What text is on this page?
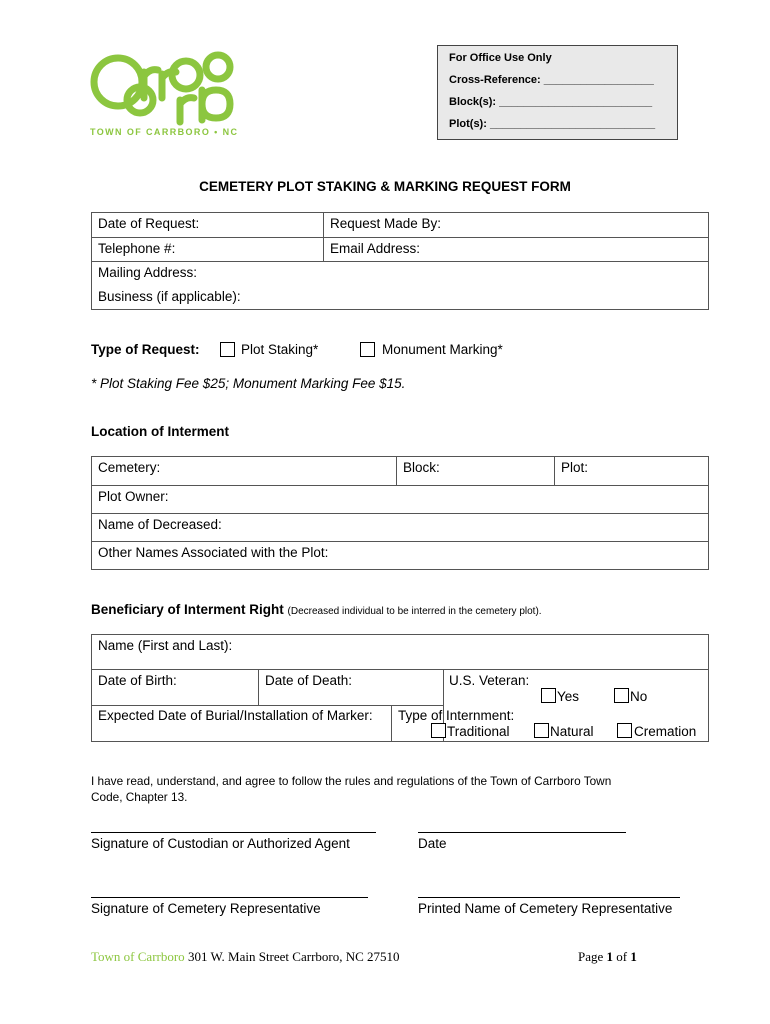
TOWN OF CARRBORO • NC
For Office Use Only
Cross-Reference: __________________
Block(s): _________________________
Plot(s): ___________________________
CEMETERY PLOT STAKING & MARKING REQUEST FORM
Date of Request:	Request Made By:
Telephone #:	Email Address:
Mailing Address:	
Business (if applicable):	
Type of Request:	Plot Staking*	Monument Marking*
* Plot Staking Fee $25; Monument Marking Fee $15.
Location of Interment
Cemetery:	Block:	Plot:
Plot Owner:
Name of Decreased:
Other Names Associated with the Plot:
Beneficiary of Interment Right (Decreased individual to be interred in the cemetery plot).
Name (First and Last):
Date of Birth:	Date of Death:	U.S. Veteran:
Yes	No
Expected Date of Burial/Installation of Marker: Type of Internment:
Traditional	Natural	Cremation
I have read, understand, and agree to follow the rules and regulations of the Town of Carrboro Town
Code, Chapter 13.
Signature of Custodian or Authorized Agent	Date
Signature of Cemetery Representative	Printed Name of Cemetery Representative
Town of Carrboro 301 W. Main Street Carrboro, NC 27510	Page 1 of 1
